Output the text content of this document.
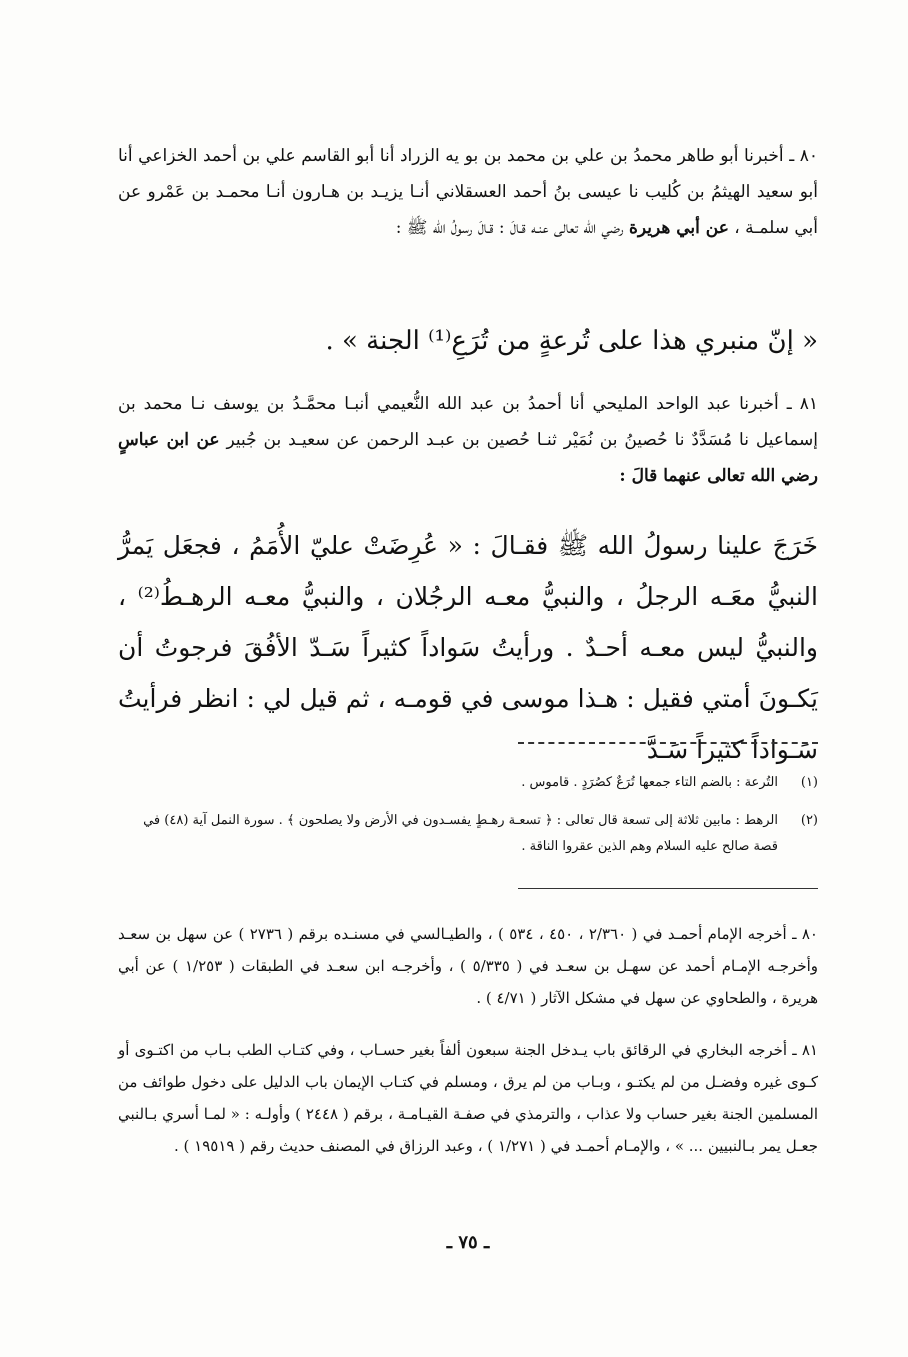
٨٠ ـ أخبرنا أبو طاهر محمدُ بن علي بن محمد بن بو يه الزراد أنا أبو القاسم علي بن أحمد الخزاعي أنا أبو سعيد الهيثمُ بن كُليب نا عيسى بنُ أحمد العسقلاني أنـا يزيـد بن هـارون أنـا محمـد بن عَمْرو عن أبي سلمـة ، عن أبي هريرة رضي الله تعالى عنـه قـالَ : قـالَ رسولُ الله ﷺ :

« إنّ منبري هذا على تُرعةٍ من تُرَعِ⁽¹⁾ الجنة » .

٨١ ـ أخبرنا عبد الواحد المليحي أنا أحمدُ بن عبد الله النُّعيمي أنبـا محمَّـدُ بن يوسف نـا محمد بن إسماعيل نا مُسَدَّدٌ نا حُصينُ بن نُمَيْر ثنـا حُصين بن عبـد الرحمن عن سعيـد بن جُبير عن ابن عباسٍ رضي الله تعالى عنهما قالَ :

خَرَجَ علينا رسولُ الله ﷺ فقـالَ : « عُرِضَتْ عليّ الأُمَمُ ، فجعَل يَمرُّ النبيُّ معَـه الرجلُ ، والنبيُّ معـه الرجُلان ، والنبيُّ معـه الرهـطُ⁽²⁾ ، والنبيُّ ليس معـه أحـدٌ . ورأيتُ سَواداً كثيراً سَـدّ الأفُقَ فرجوتُ أن يَكـونَ أمتي فقيل : هـذا موسى في قومـه ، ثم قيل لي : انظر فرأيتُ سَـواداً كثيراً سَـدَّ

(١)
التُرعة : بالضم التاء جمعها تُرَعٌ كصُرَدٍ . قاموس .
(٢)
الرهط : مابين ثلاثة إلى تسعة قال تعالى : ﴿ تسعـة رهـطٍ يفسـدون في الأرض ولا يصلحون ﴾ . سورة النمل آية (٤٨) في قصة صالح عليه السلام وهم الذين عقروا الناقة .

٨٠ ـ أخرجه الإمام أحمـد في ( ٢/٣٦٠ ، ٤٥٠ ، ٥٣٤ ) ، والطيـالسي في مسنـده برقم ( ٢٧٣٦ ) عن سهل بن سعـد وأخرجـه الإمـام أحمد عن سهـل بن سعـد في ( ٥/٣٣٥ ) ، وأخرجـه ابن سعـد في الطبقات ( ١/٢٥٣ ) عن أبي هريرة ، والطحاوي عن سهل في مشكل الآثار ( ٤/٧١ ) .

٨١ ـ أخرجه البخاري في الرقائق باب يـدخل الجنة سبعون ألفاً بغير حسـاب ، وفي كتـاب الطب بـاب من اكتـوى أو كـوى غيره وفضـل من لم يكتـو ، وبـاب من لم يرق ، ومسلم في كتـاب الإيمان باب الدليل على دخول طوائف من المسلمين الجنة بغير حساب ولا عذاب ، والترمذي في صفـة القيـامـة ، برقم ( ٢٤٤٨ ) وأولـه : « لمـا أسري بـالنبي جعـل يمر بـالنبيين ... » ، والإمـام أحمـد في ( ١/٢٧١ ) ، وعبد الرزاق في المصنف حديث رقم ( ١٩٥١٩ ) .

ـ ٧٥ ـ
